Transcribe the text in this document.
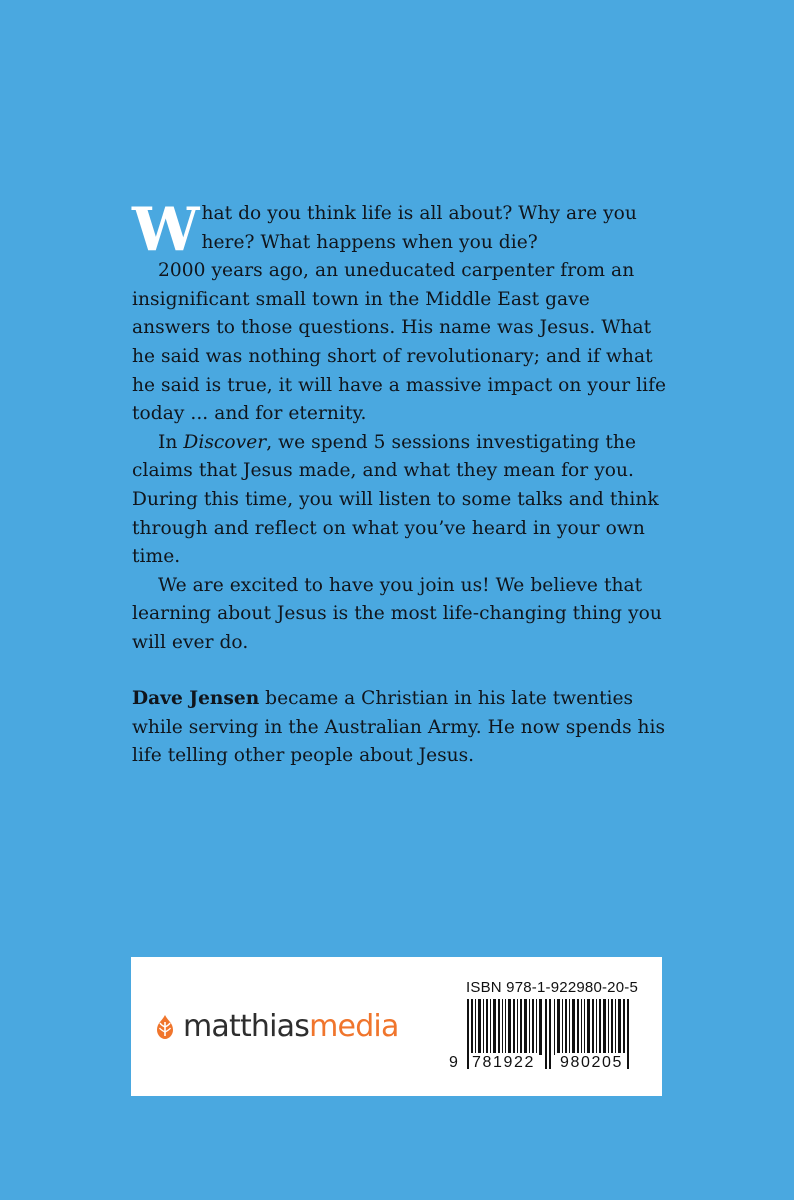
What do you think life is all about? Why are you here? What happens when you die?

2000 years ago, an uneducated carpenter from an insignificant small town in the Middle East gave answers to those questions. His name was Jesus. What he said was nothing short of revolutionary; and if what he said is true, it will have a massive impact on your life today ... and for eternity.

In Discover, we spend 5 sessions investigating the claims that Jesus made, and what they mean for you. During this time, you will listen to some talks and think through and reflect on what you’ve heard in your own time.

We are excited to have you join us! We believe that learning about Jesus is the most life-changing thing you will ever do.

Dave Jensen became a Christian in his late twenties while serving in the Australian Army. He now spends his life telling other people about Jesus.
matthiasmedia
ISBN 978-1-922980-20-5
9 781922 980205
